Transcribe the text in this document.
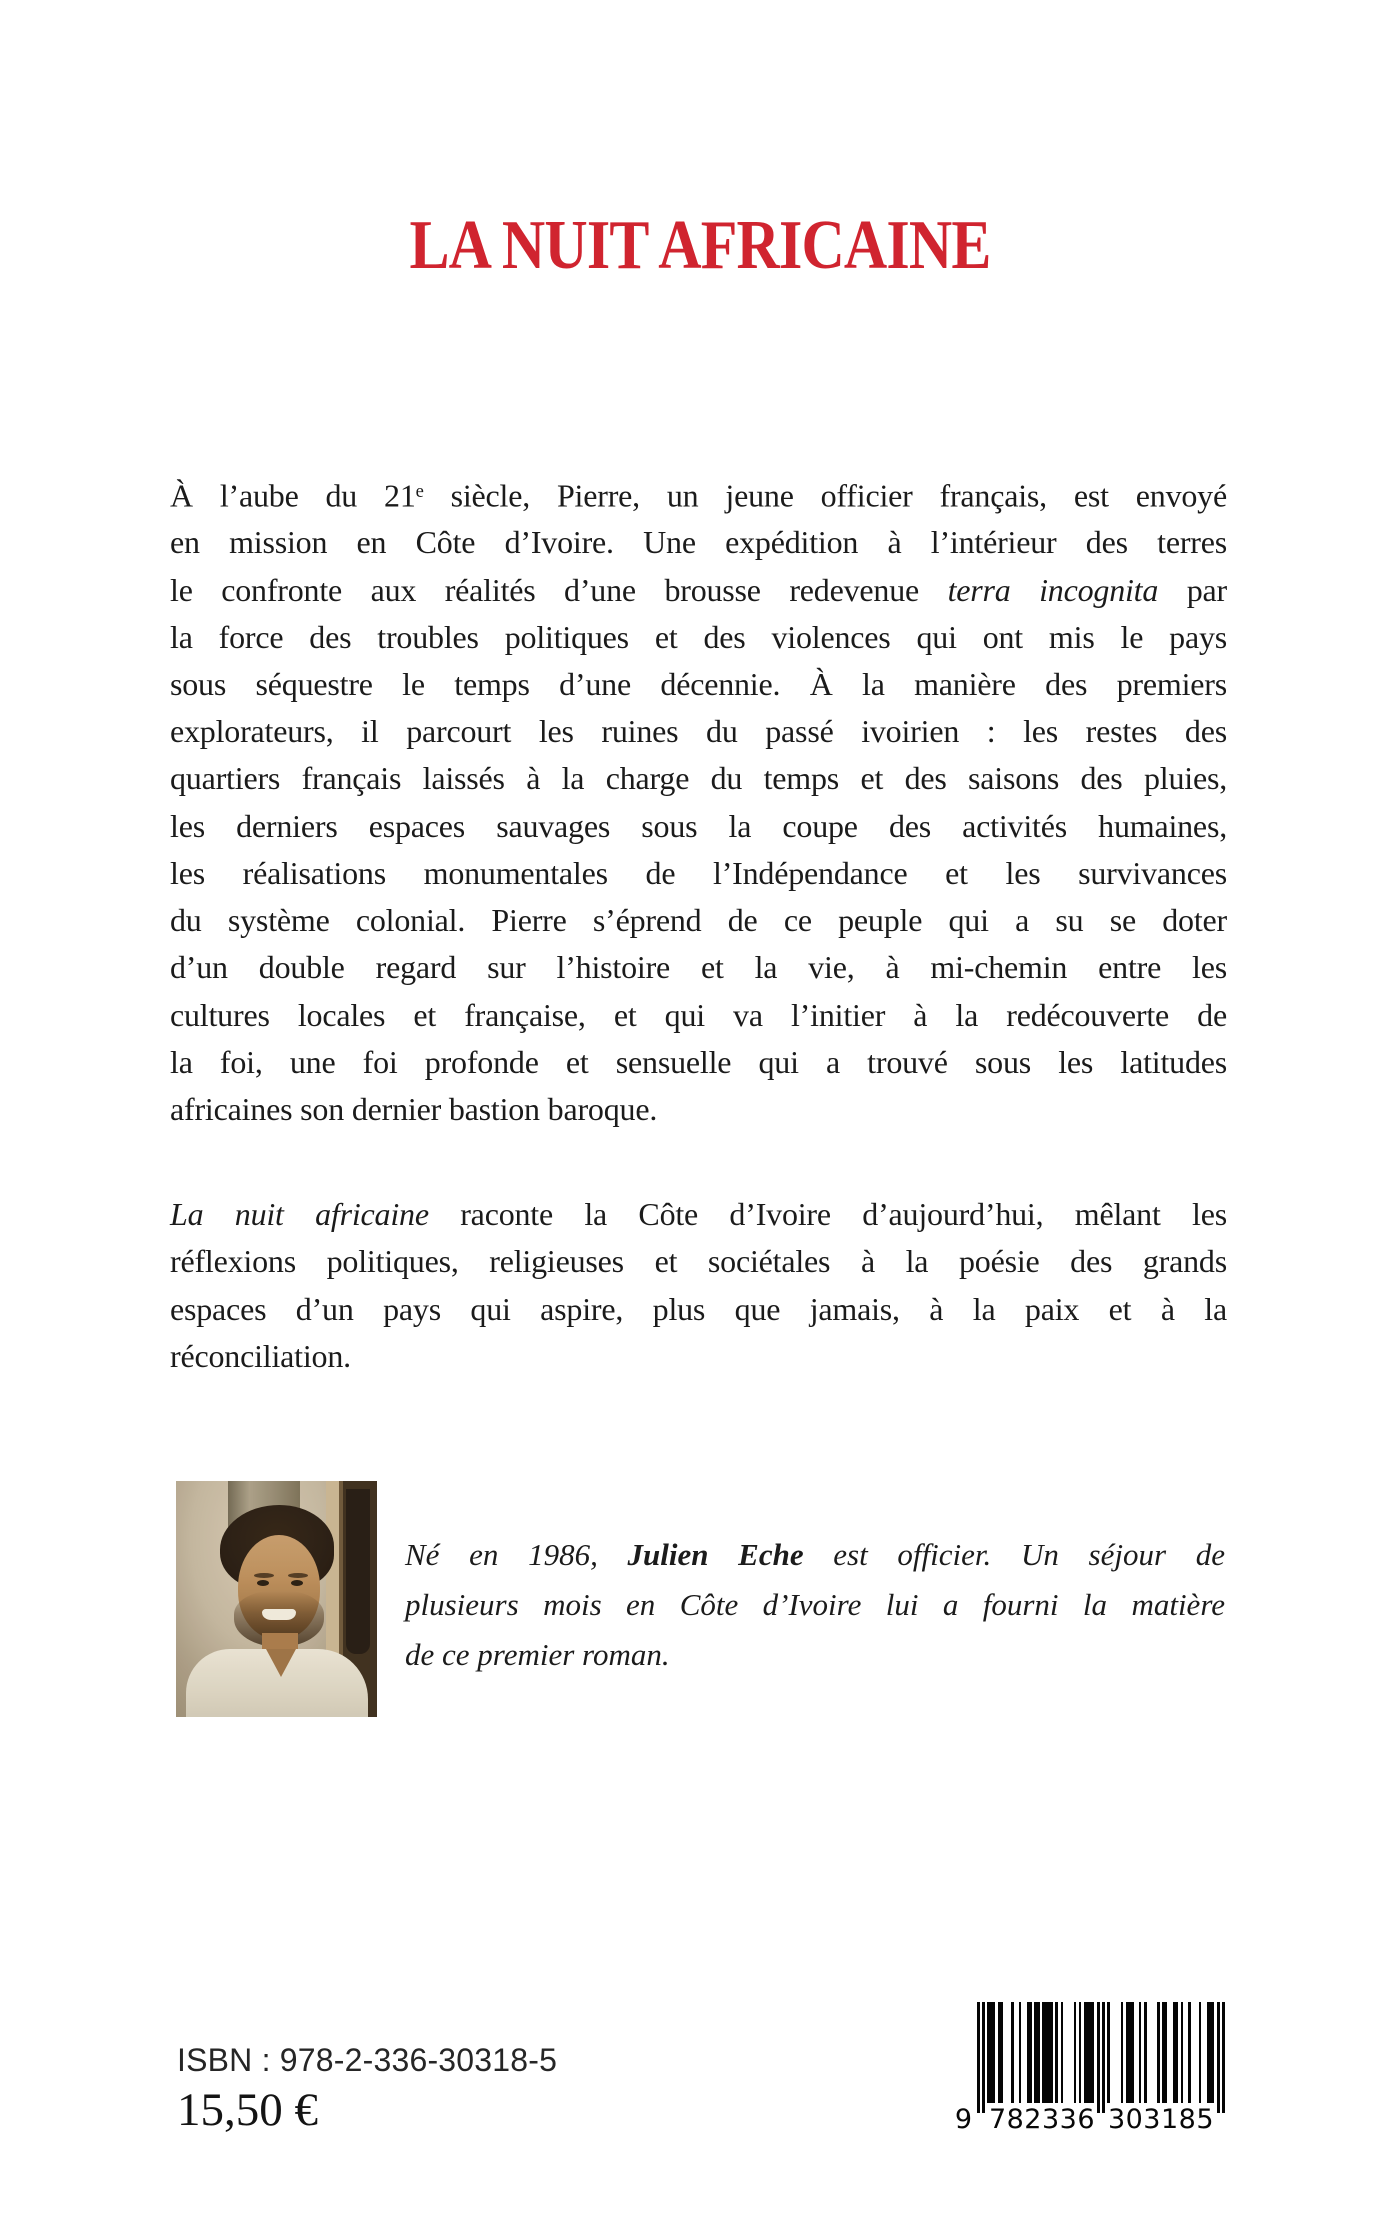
LA NUIT AFRICAINE
À l’aube du 21e siècle, Pierre, un jeune officier français, est envoyé
en mission en Côte d’Ivoire. Une expédition à l’intérieur des terres
le confronte aux réalités d’une brousse redevenue terra incognita par
la force des troubles politiques et des violences qui ont mis le pays
sous séquestre le temps d’une décennie. À la manière des premiers
explorateurs, il parcourt les ruines du passé ivoirien : les restes des
quartiers français laissés à la charge du temps et des saisons des pluies,
les derniers espaces sauvages sous la coupe des activités humaines,
les réalisations monumentales de l’Indépendance et les survivances
du système colonial. Pierre s’éprend de ce peuple qui a su se doter
d’un double regard sur l’histoire et la vie, à mi-chemin entre les
cultures locales et française, et qui va l’initier à la redécouverte de
la foi, une foi profonde et sensuelle qui a trouvé sous les latitudes
africaines son dernier bastion baroque.
La nuit africaine raconte la Côte d’Ivoire d’aujourd’hui, mêlant les
réflexions politiques, religieuses et sociétales à la poésie des grands
espaces d’un pays qui aspire, plus que jamais, à la paix et à la
réconciliation.
Né en 1986, Julien Eche est officier. Un séjour de
plusieurs mois en Côte d’Ivoire lui a fourni la matière
de ce premier roman.
ISBN : 978-2-336-30318-5
15,50 €	9 782336 303185
